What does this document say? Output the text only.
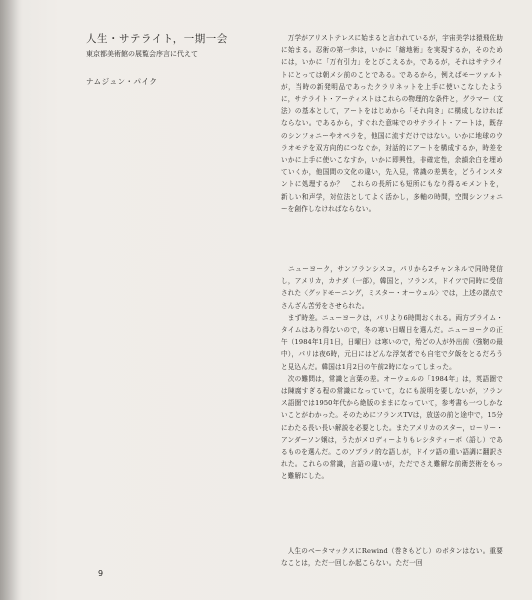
人生・サテライト，一期一会

東京都美術館の展覧会序言に代えて

ナムジュン・パイク

　万学がアリストテレスに始まると言われているが，宇宙美学は猿飛佐助に始まる。忍術の第一歩は，いかに「縮地術」を実現するか，そのためには，いかに「万有引力」をとびこえるか，であるが，それはサテライトにとっては朝メシ前のことである。であるから，例えばモーツァルトが，当時の新発明品であったクラリネットを上手に使いこなしたように，サテライト・アーティストはこれらの物理的な条件と，グラマー（文法）の基本として，アートをはじめから「それ向き」に構成しなければならない。であるから，すぐれた意味でのサテライト・アートは，既存のシンフォニーやオペラを，他国に流すだけではない。いかに地球のウラオモテを双方向的につなぐか，対話的にアートを構成するか，時差をいかに上手に使いこなすか，いかに即興性，非確定性，余韻余白を埋めていくか，他国間の文化の違い，先入見，常識の差異を，どうインスタントに処理するか？　これらの長所にも短所にもなり得るモメントを，新しい和声学，対位法としてよく活かし，多軸の時間，空間シンフォニーを創作しなければならない。

　ニューヨーク，サンフランシスコ，パリから2チャンネルで同時発信し，アメリカ，カナダ（一部），韓国と，フランス，ドイツで同時に受信された〈グッドモーニング，ミスター・オーウェル〉では，上述の諸点でさんざん苦労をさせられた。

　まず時差。ニューヨークは，パリより6時間おくれる。両方プライム・タイムはあり得ないので，冬の寒い日曜日を選んだ。ニューヨークの正午（1984年1月1日，日曜日）は寒いので，殆どの人が外出前（強靭の最中），パリは夜6時，元日にはどんな浮気者でも自宅で夕飯をとるだろうと見込んだ。韓国は1月2日の午前2時になってしまった。

　次の難問は，常識と言葉の差。オーウェルの「1984年」は，英語圏では陳腐すぎる程の常識になっていて，なにも説明を要しないが，フランス語圏では1950年代から絶版のままになっていて，参考書も一つしかないことがわかった。そのためにフランスTVは，放送の前と途中で，15分にわたる長い長い解説を必要とした。またアメリカのスター，ローリー・アンダーソン嬢は，うたがメロディーよりもレシタティーボ（語し）であるものを選んだ。このソプラノ的な語しが，ドイツ語の重い語調に翻訳された。これらの常識，言語の違いが，ただでさえ難解な前衛芸術をもっと難解にした。

　人生のベータマックスにRewind（巻きもどし）のボタンはない。重要なことは，ただ一回しか起こらない。ただ一回

9
